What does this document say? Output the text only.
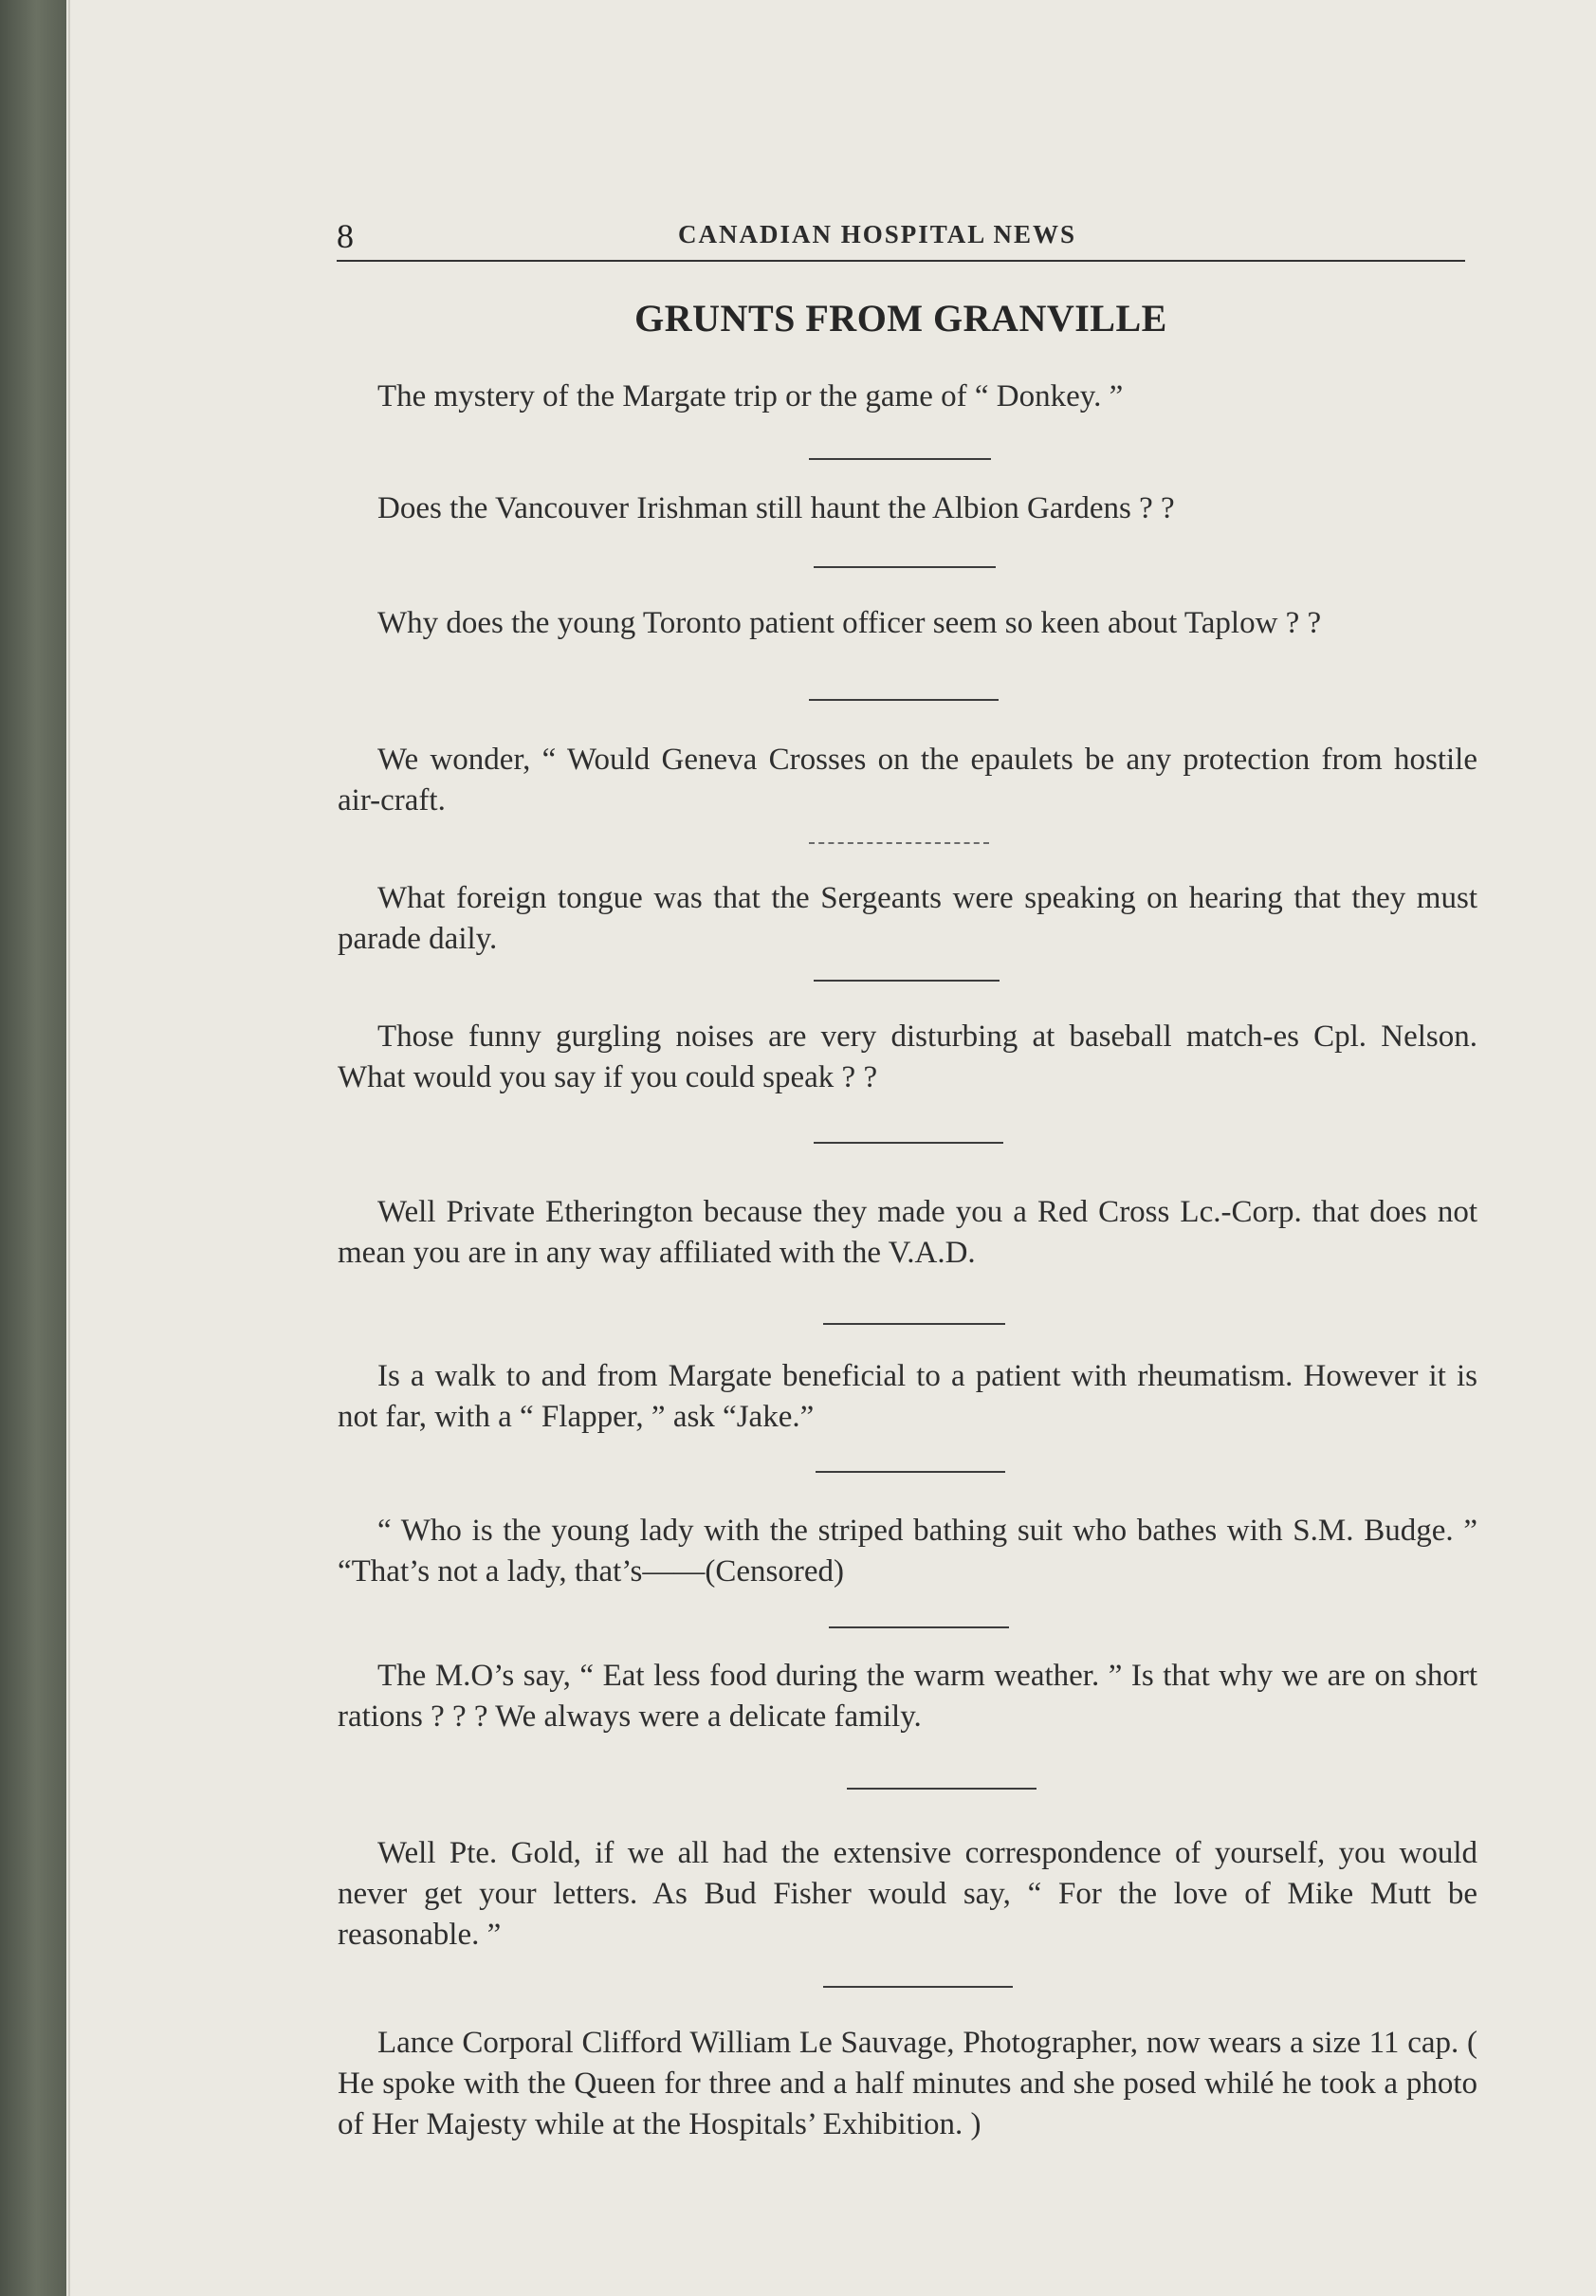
8	CANADIAN HOSPITAL NEWS
GRUNTS FROM GRANVILLE

The mystery of the Margate trip or the game of “ Donkey. ”

Does the Vancouver Irishman still haunt the Albion Gardens ? ?

Why does the young Toronto patient officer seem so keen about Taplow ? ?

We wonder, “ Would Geneva Crosses on the epaulets be any protection from hostile air-craft.

What foreign tongue was that the Sergeants were speaking on hearing that they must parade daily.

Those funny gurgling noises are very disturbing at baseball match-es Cpl. Nelson. What would you say if you could speak ? ?

Well Private Etherington because they made you a Red Cross Lc.-Corp. that does not mean you are in any way affiliated with the V.A.D.

Is a walk to and from Margate beneficial to a patient with rheumatism. However it is not far, with a “ Flapper, ” ask “Jake.”

“ Who is the young lady with the striped bathing suit who bathes with S.M. Budge. ” “That’s not a lady, that’s——(Censored)

The M.O’s say, “ Eat less food during the warm weather. ” Is that why we are on short rations ? ? ? We always were a delicate family.

Well Pte. Gold, if we all had the extensive correspondence of yourself, you would never get your letters. As Bud Fisher would say, “ For the love of Mike Mutt be reasonable. ”

Lance Corporal Clifford William Le Sauvage, Photographer, now wears a size 11 cap. ( He spoke with the Queen for three and a half minutes and she posed whilé he took a photo of Her Majesty while at the Hospitals’ Exhibition. )
